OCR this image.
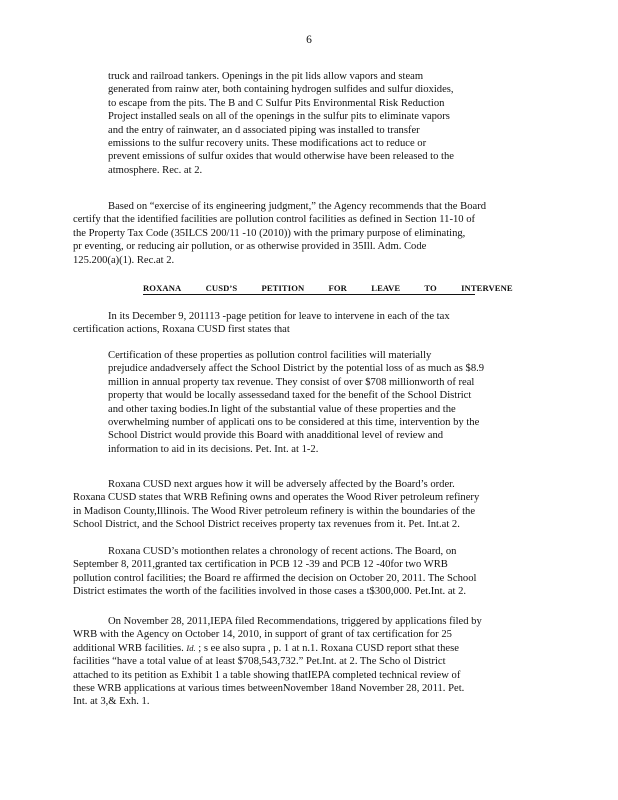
6
truck and railroad tankers. Openings in the pit lids allow vapors and steam
generated from rainw ater, both containing hydrogen sulfides and sulfur dioxides,
to escape from the pits. The B and C Sulfur Pits Environmental Risk Reduction
Project installed seals on all of the openings in the sulfur pits to eliminate vapors
and the entry of rainwater, an d associated piping was installed to transfer
emissions to the sulfur recovery units. These modifications act to reduce or
prevent emissions of sulfur oxides that would otherwise have been released to the
atmosphere. Rec. at 2.
Based on “exercise of its engineering judgment,” the Agency recommends that the Board
certify that the identified facilities are pollution control facilities as defined in Section 11-10 of
the Property Tax Code (35ILCS 200/11 -10 (2010)) with the primary purpose of eliminating,
pr eventing, or reducing air pollution, or as otherwise provided in 35Ill. Adm. Code
125.200(a)(1). Rec.at 2.
ROXANA	CUSD’S	PETITION	FOR	LEAVE	TO	INTERVENE
In its December 9, 201113 -page petition for leave to intervene in each of the tax
certification actions, Roxana CUSD first states that
Certification of these properties as pollution control facilities will materially
prejudice andadversely affect the School District by the potential loss of as much as $8.9
million in annual property tax revenue. They consist of over $708 millionworth of real
property that would be locally assessedand taxed for the benefit of the School District
and other taxing bodies.In light of the substantial value of these properties and the
overwhelming number of applicati ons to be considered at this time, intervention by the
School District would provide this Board with anadditional level of review and
information to aid in its decisions. Pet. Int. at 1-2.
Roxana CUSD next argues how it will be adversely affected by the Board’s order.
Roxana CUSD states that WRB Refining owns and operates the Wood River petroleum refinery
in Madison County,Illinois. The Wood River petroleum refinery is within the boundaries of the
School District, and the School District receives property tax revenues from it. Pet. Int.at 2.
Roxana CUSD’s motionthen relates a chronology of recent actions. The Board, on
September 8, 2011,granted tax certification in PCB 12 -39 and PCB 12 -40for two WRB
pollution control facilities; the Board re affirmed the decision on October 20, 2011. The School
District estimates the worth of the facilities involved in those cases a t$300,000. Pet.Int. at 2.
On November 28, 2011,IEPA filed Recommendations, triggered by applications filed by
WRB with the Agency on October 14, 2010, in support of grant of tax certification for 25
additional WRB facilities. Id. ; s ee also supra , p. 1 at n.1. Roxana CUSD report sthat these
facilities “have a total value of at least $708,543,732.” Pet.Int. at 2. The Scho ol District
attached to its petition as Exhibit 1 a table showing thatIEPA completed technical review of
these WRB applications at various times betweenNovember 18and November 28, 2011. Pet.
Int. at 3,& Exh. 1.
